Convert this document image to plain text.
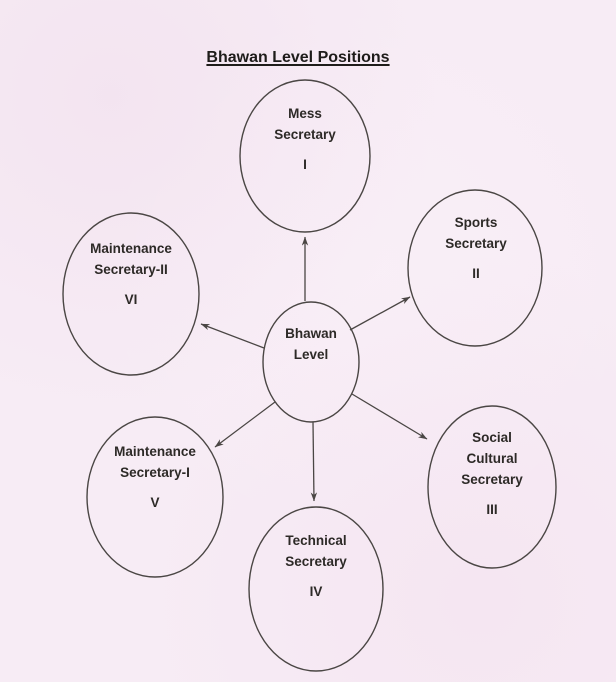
Bhawan Level Positions
Mess
Secretary
I
Sports
Secretary
II
Maintenance
Secretary-II
VI
Bhawan
Level
Social
Cultural
Secretary
III
Maintenance
Secretary-I
V
Technical
Secretary
IV
